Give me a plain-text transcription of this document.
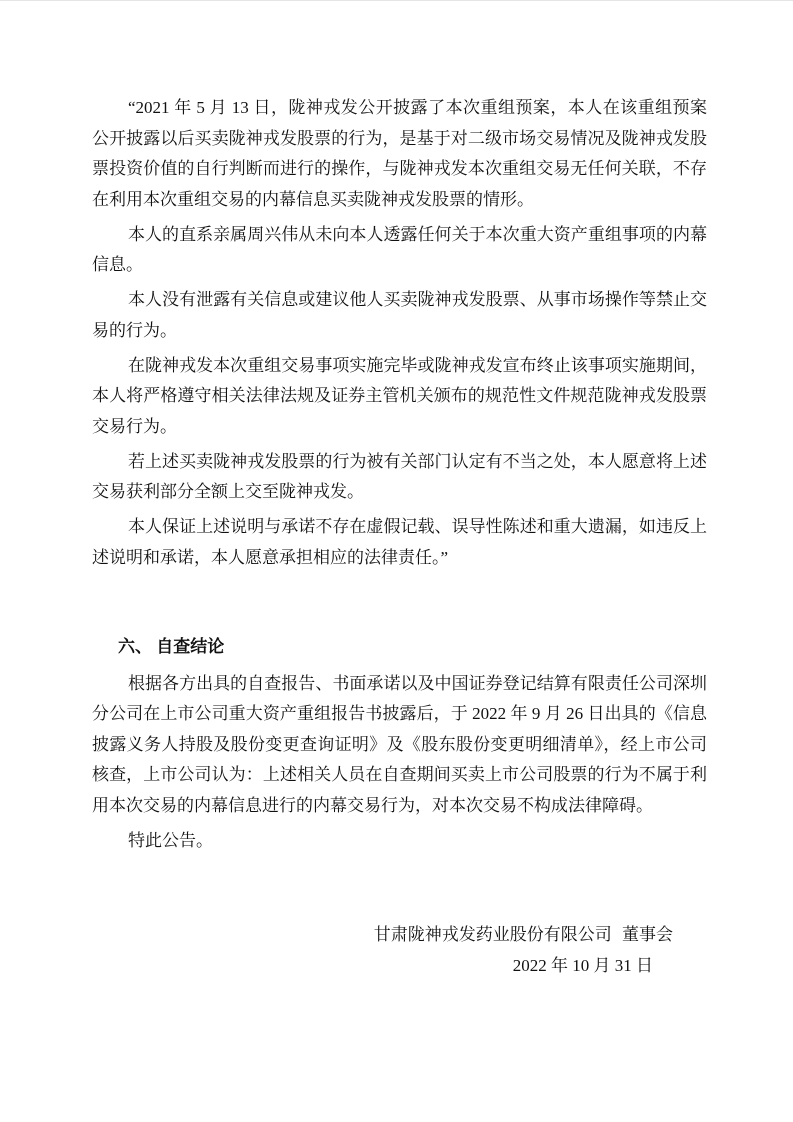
“2021 年 5 月 13 日，陇神戎发公开披露了本次重组预案，本人在该重组预案公开披露以后买卖陇神戎发股票的行为，是基于对二级市场交易情况及陇神戎发股票投资价值的自行判断而进行的操作，与陇神戎发本次重组交易无任何关联，不存在利用本次重组交易的内幕信息买卖陇神戎发股票的情形。

本人的直系亲属周兴伟从未向本人透露任何关于本次重大资产重组事项的内幕信息。

本人没有泄露有关信息或建议他人买卖陇神戎发股票、从事市场操作等禁止交易的行为。

在陇神戎发本次重组交易事项实施完毕或陇神戎发宣布终止该事项实施期间，本人将严格遵守相关法律法规及证券主管机关颁布的规范性文件规范陇神戎发股票交易行为。

若上述买卖陇神戎发股票的行为被有关部门认定有不当之处，本人愿意将上述交易获利部分全额上交至陇神戎发。

本人保证上述说明与承诺不存在虚假记载、误导性陈述和重大遗漏，如违反上述说明和承诺，本人愿意承担相应的法律责任。”

六、 自查结论

根据各方出具的自查报告、书面承诺以及中国证券登记结算有限责任公司深圳分公司在上市公司重大资产重组报告书披露后，于 2022 年 9 月 26 日出具的《信息披露义务人持股及股份变更查询证明》及《股东股份变更明细清单》，经上市公司核查，上市公司认为：上述相关人员在自查期间买卖上市公司股票的行为不属于利用本次交易的内幕信息进行的内幕交易行为，对本次交易不构成法律障碍。

特此公告。

甘肃陇神戎发药业股份有限公司 董事会

2022 年 10 月 31 日
